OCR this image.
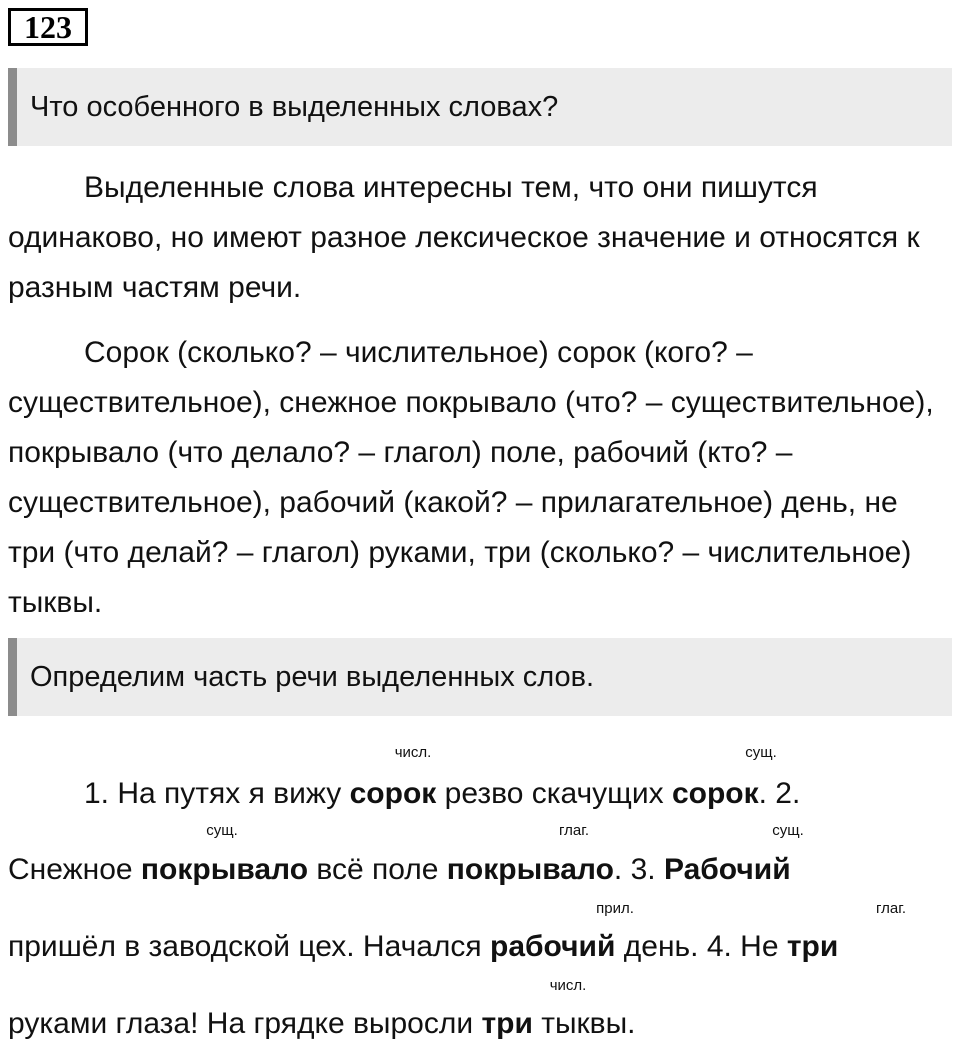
123
Что особенного в выделенных словах?

Выделенные слова интересны тем, что они пишутся одинаково, но имеют разное лексическое значение и относятся к разным частям речи.

Сорок (сколько? – числительное) сорок (кого? – существительное), снежное покрывало (что? – существительное), покрывало (что делало? – глагол) поле, рабочий (кто? – существительное), рабочий (какой? – прилагательное) день, не три (что делай? – глагол) руками, три (сколько? – числительное) тыквы.

Определим часть речи выделенных слов.
числ.	сущ.
1. На путях я вижу сорок резво скачущих сорок. 2.
сущ.	глаг.	сущ.
Снежное покрывало всё поле покрывало. 3. Рабочий
прил.	глаг.
пришёл в заводской цех. Начался рабочий день. 4. Не три
числ.
руками глаза! На грядке выросли три тыквы.
